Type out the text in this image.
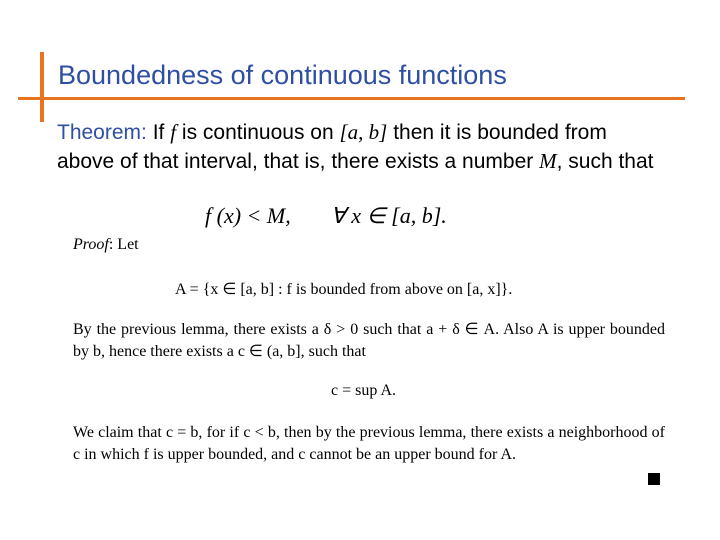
Boundedness of continuous functions
Theorem: If f is continuous on [a, b] then it is bounded from above of that interval, that is, there exists a number M, such that
f (x) < M, ∀ x ∈ [a, b].
Proof: Let
A = {x ∈ [a, b] : f is bounded from above on [a, x]}.
By the previous lemma, there exists a δ > 0 such that a + δ ∈ A. Also A is upper bounded by b, hence there exists a c ∈ (a, b], such that
c = sup A.
We claim that c = b, for if c < b, then by the previous lemma, there exists a neighborhood of c in which f is upper bounded, and c cannot be an upper bound for A.
